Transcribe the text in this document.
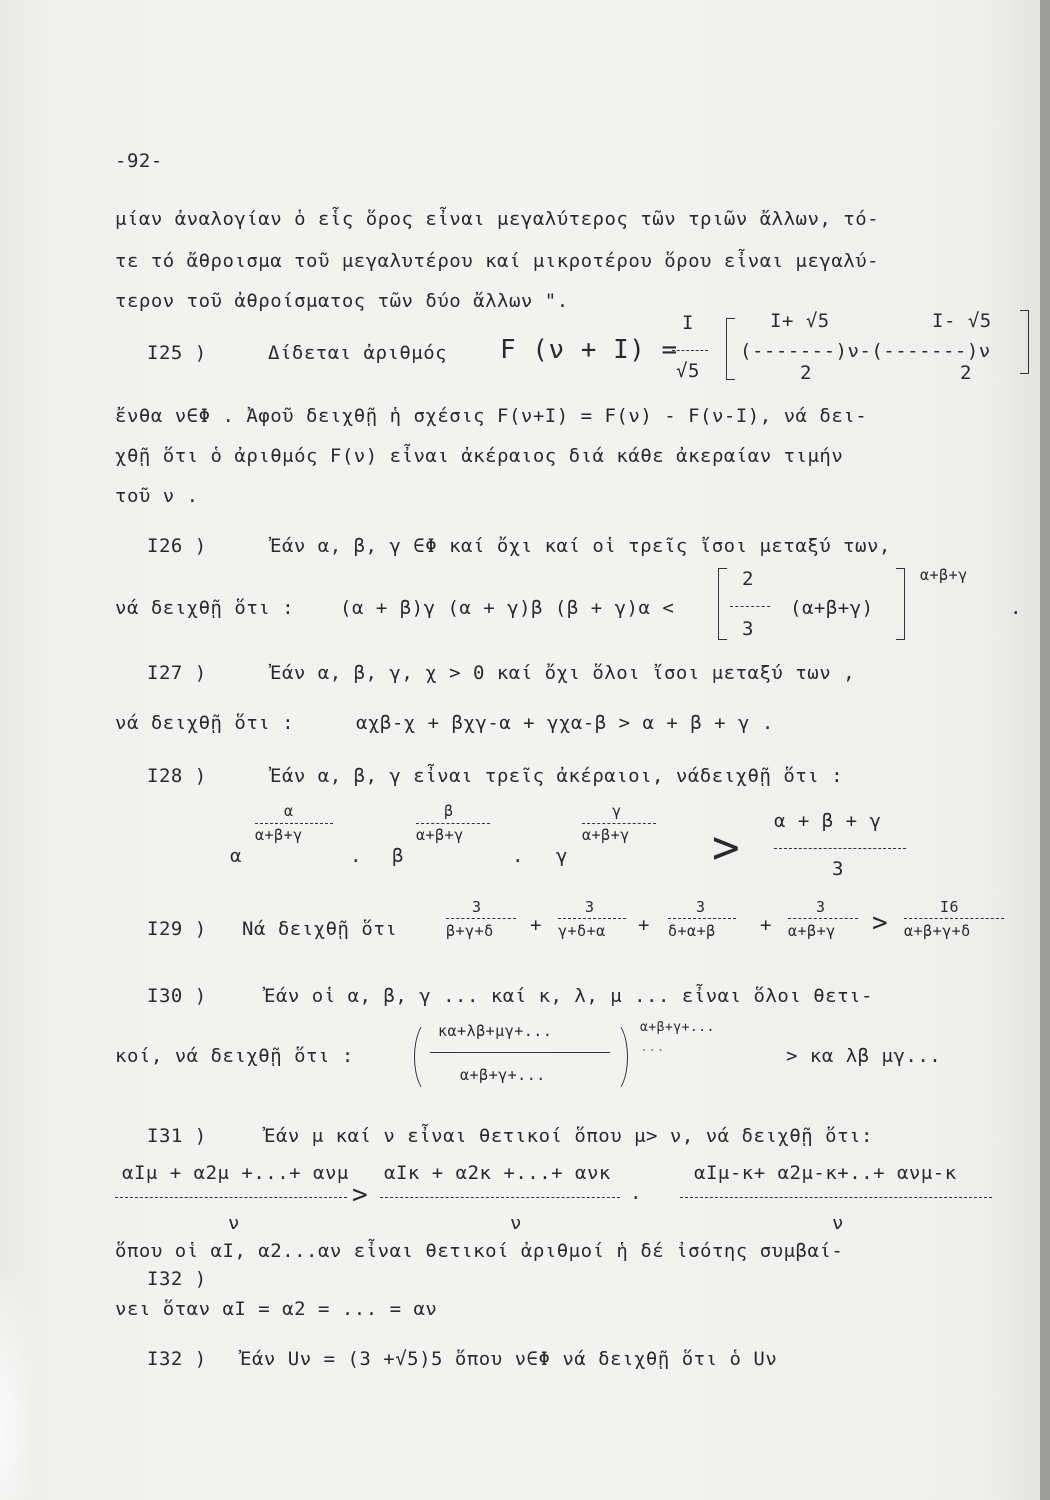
-92-
μίαν ἀναλογίαν ὁ εἷς ὅρος εἶναι μεγαλύτερος τῶν τριῶν ἄλλων, τό-
τε τό ἄθροισμα τοῦ μεγαλυτέρου καί μικροτέρου ὅρου εἶναι μεγαλύ-
τερον τοῦ ἀθροίσματος τῶν δύο ἄλλων ".
I25 )	Δίδεται ἀριθμός F (ν + I) =
I
√5
I+ √5
(-------)ν-(-------)ν
2
I- √5
2
ἔνθα ν∈Φ . Ἀφοῦ δειχθῇ ἡ σχέσις F(ν+I) = F(ν) - F(ν-I), νά δει-
χθῇ ὅτι ὁ ἀριθμός F(ν) εἶναι ἀκέραιος διά κάθε ἀκεραίαν τιμήν
τοῦ ν .
I26 )	Ἐάν α, β, γ ∈Φ καί ὄχι καί οἱ τρεῖς ἴσοι μεταξύ των,
νά δειχθῇ ὅτι : (α + β)γ (α + γ)β (β + γ)α <
2
3
(α+β+γ)
α+β+γ
.
I27 )	Ἐάν α, β, γ, χ > 0 καί ὄχι ὅλοι ἴσοι μεταξύ των ,
νά δειχθῇ ὅτι :	αχβ-χ + βχγ-α + γχα-β > α + β + γ .
I28 )	Ἐάν α, β, γ εἶναι τρεῖς ἀκέραιοι, νάδειχθῇ ὅτι :
α
α
α+β+γ
. β
β
α+β+γ
. γ
γ
α+β+γ > α + β + γ
3
I29 ) Νά δειχθῇ ὅτι
3
β+γ+δ +
3
γ+δ+α +
3
δ+α+β +
3
α+β+γ >
I6
α+β+γ+δ
I30 )	Ἐάν οἱ α, β, γ ... καί κ, λ, μ ... εἶναι ὅλοι θετι-
κοί, νά δειχθῇ ὅτι :
κα+λβ+μγ+...
α+β+γ+...
α+β+γ+...
...	> κα λβ μγ...
I31 )	Ἐάν μ καί ν εἶναι θετικοί ὅπου μ> ν, νά δειχθῇ ὅτι:
αIμ + α2μ +...+ ανμ
ν
>
αIκ + α2κ +...+ ανκ
ν
.
αIμ-κ+ α2μ-κ+..+ ανμ-κ
ν
ὅπου οἱ αI, α2...αν εἶναι θετικοί ἀριθμοί ἡ δέ ἰσότης συμβαί-
I32 )
νει ὅταν αI = α2 = ... = αν
I32 ) Ἐάν Uν = (3 +√5)5 ὅπου ν∈Φ νά δειχθῇ ὅτι ὁ Uν
